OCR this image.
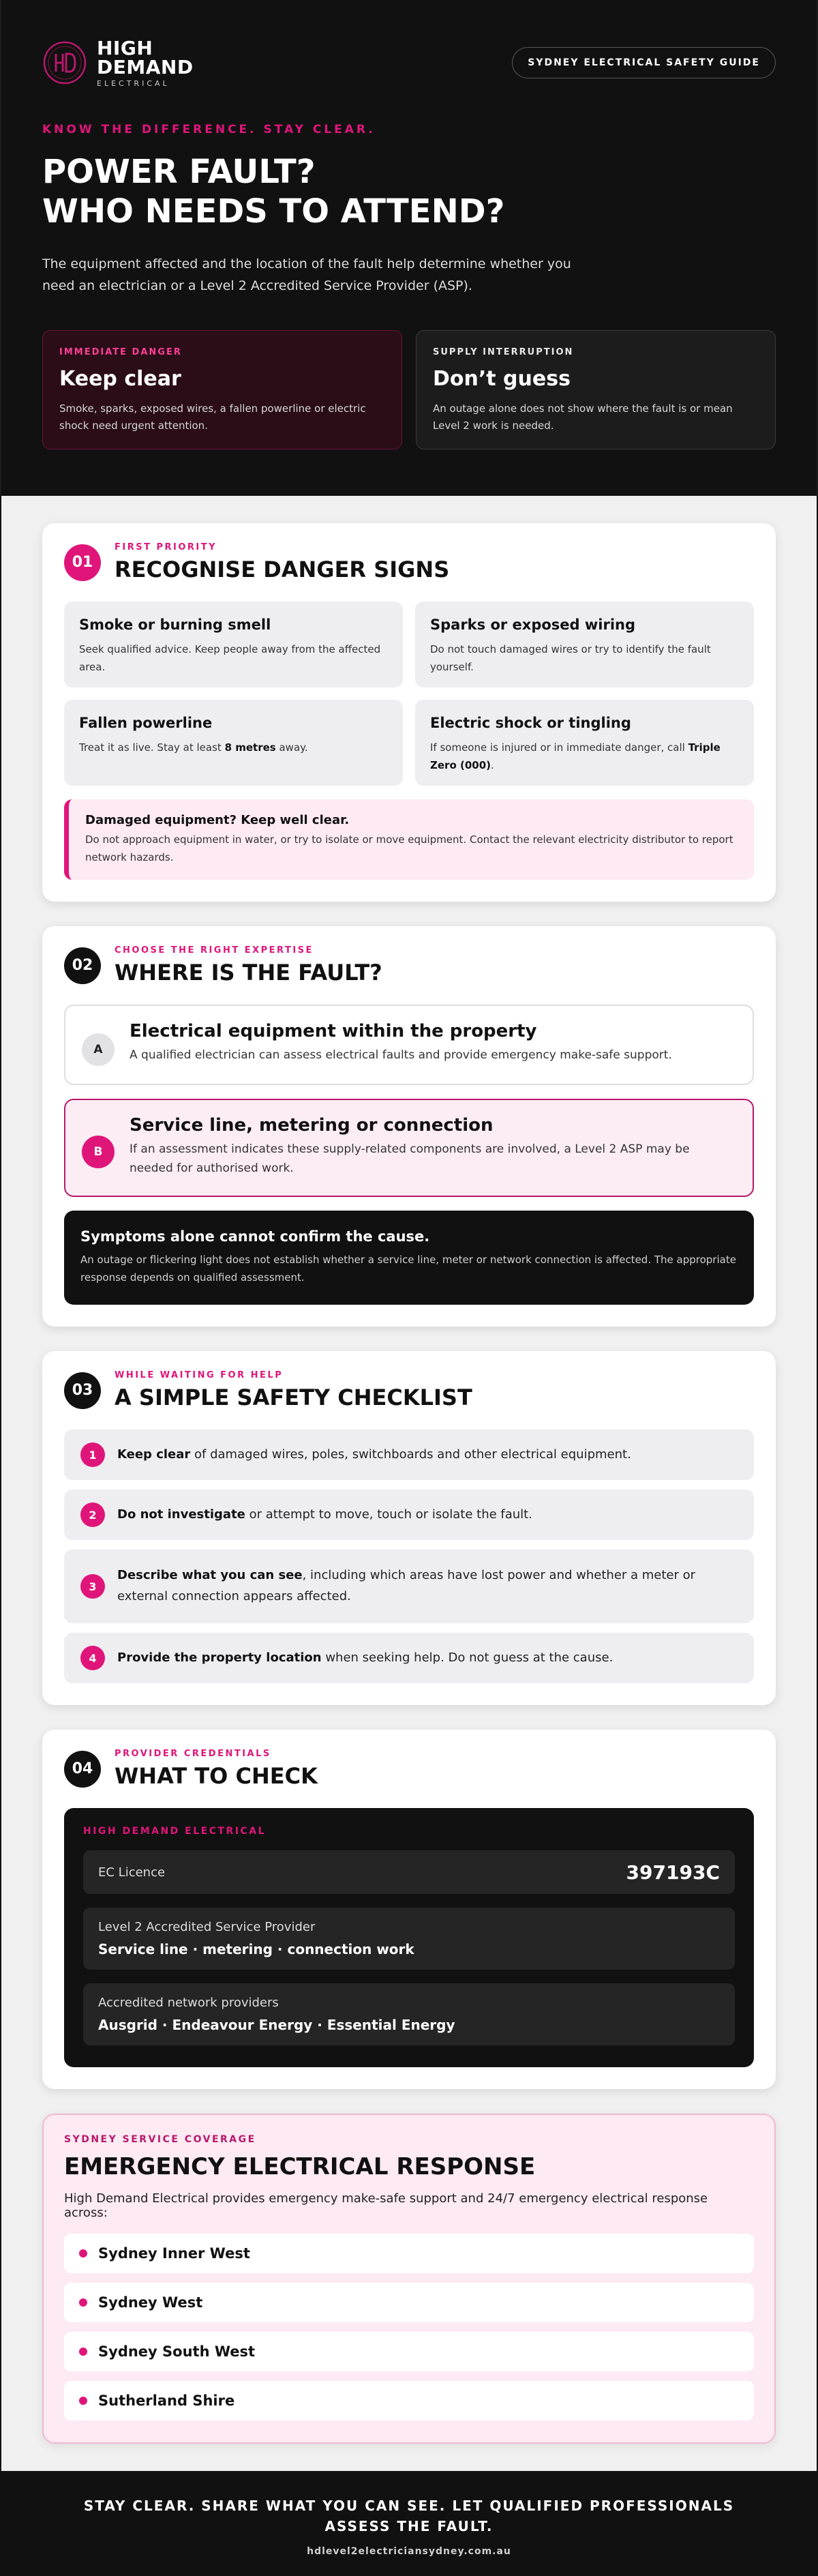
HIGH
DEMAND
ELECTRICAL
SYDNEY ELECTRICAL SAFETY GUIDE
KNOW THE DIFFERENCE. STAY CLEAR.
POWER FAULT?
WHO NEEDS TO ATTEND?

The equipment affected and the location of the fault help determine whether you need an electrician or a Level 2 Accredited Service Provider (ASP).

IMMEDIATE DANGER
Keep clear
Smoke, sparks, exposed wires, a fallen powerline or electric shock need urgent attention.
SUPPLY INTERRUPTION
Don’t guess
An outage alone does not show where the fault is or mean Level 2 work is needed.
01
FIRST PRIORITY
RECOGNISE DANGER SIGNS
Smoke or burning smell
Seek qualified advice. Keep people away from the affected area.
Sparks or exposed wiring
Do not touch damaged wires or try to identify the fault yourself.
Fallen powerline
Treat it as live. Stay at least 8 metres away.
Electric shock or tingling
If someone is injured or in immediate danger, call Triple Zero (000).
Damaged equipment? Keep well clear.
Do not approach equipment in water, or try to isolate or move equipment. Contact the relevant electricity distributor to report network hazards.
02
CHOOSE THE RIGHT EXPERTISE
WHERE IS THE FAULT?
A
Electrical equipment within the property
A qualified electrician can assess electrical faults and provide emergency make-safe support.
B
Service line, metering or connection
If an assessment indicates these supply-related components are involved, a Level 2 ASP may be needed for authorised work.
Symptoms alone cannot confirm the cause.
An outage or flickering light does not establish whether a service line, meter or network connection is affected. The appropriate response depends on qualified assessment.
03
WHILE WAITING FOR HELP
A SIMPLE SAFETY CHECKLIST
1	Keep clear of damaged wires, poles, switchboards and other electrical equipment.
2	Do not investigate or attempt to move, touch or isolate the fault.
3
Describe what you can see, including which areas have lost power and whether a meter or external connection appears affected.
4	Provide the property location when seeking help. Do not guess at the cause.
04
PROVIDER CREDENTIALS
WHAT TO CHECK
HIGH DEMAND ELECTRICAL
EC Licence	397193C
Level 2 Accredited Service Provider
Service line · metering · connection work
Accredited network providers
Ausgrid · Endeavour Energy · Essential Energy
SYDNEY SERVICE COVERAGE
EMERGENCY ELECTRICAL RESPONSE
High Demand Electrical provides emergency make-safe support and 24/7 emergency electrical response across:
Sydney Inner West
Sydney West
Sydney South West
Sutherland Shire
STAY CLEAR. SHARE WHAT YOU CAN SEE. LET QUALIFIED PROFESSIONALS ASSESS THE FAULT.
hdlevel2electriciansydney.com.au
